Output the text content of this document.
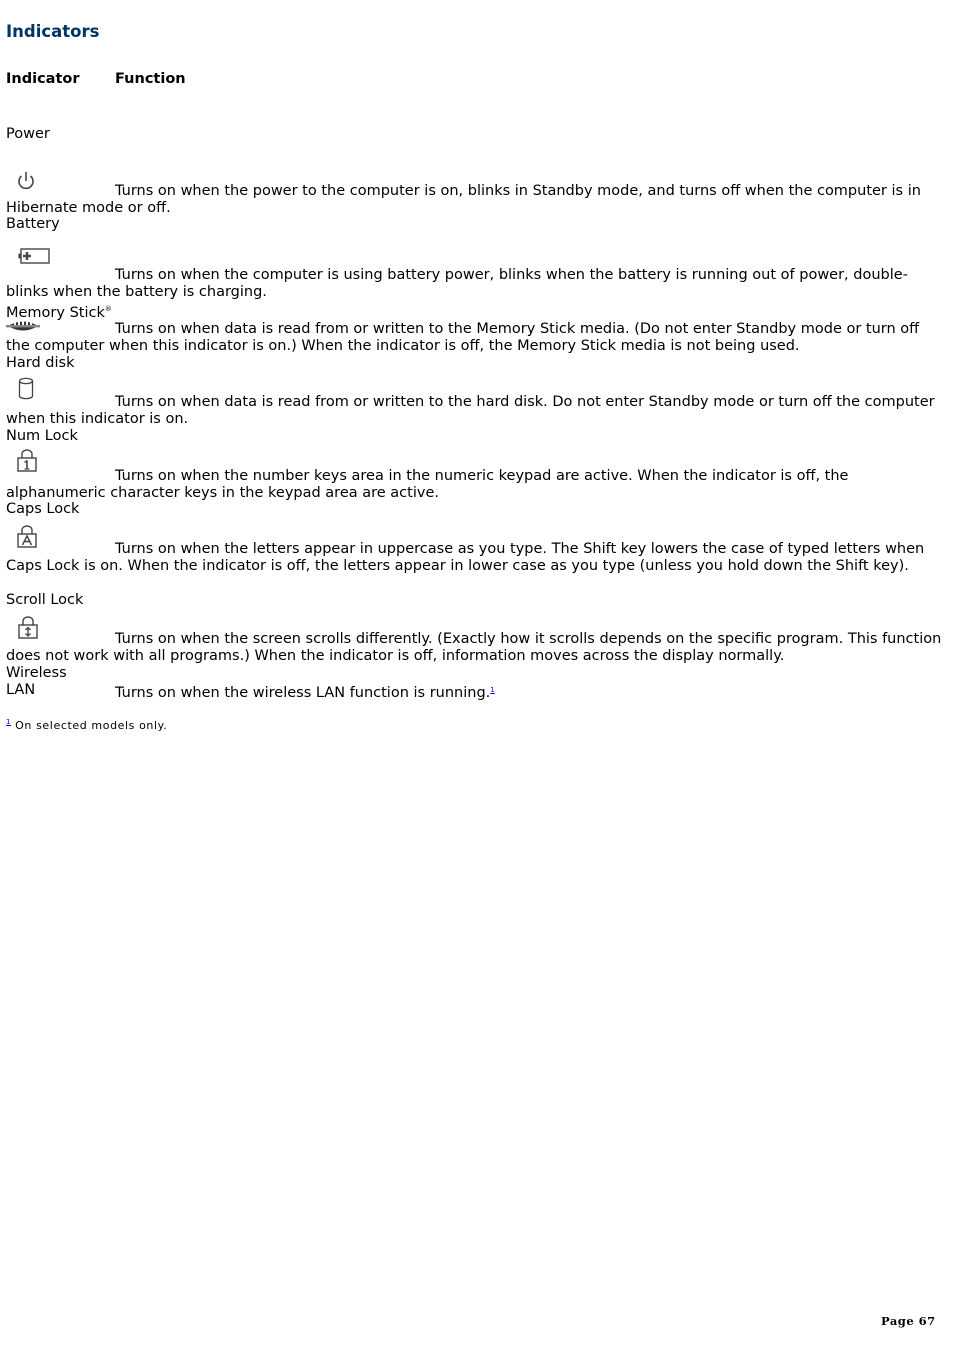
Indicators
Indicator Function
Power
Turns on when the power to the computer is on, blinks in Standby mode, and turns off when the computer is in Hibernate mode or off.
Battery
Turns on when the computer is using battery power, blinks when the battery is running out of power, double-blinks when the battery is charging.
Memory Stick®
Turns on when data is read from or written to the Memory Stick media. (Do not enter Standby mode or turn off the computer when this indicator is on.) When the indicator is off, the Memory Stick media is not being used.
Hard disk
Turns on when data is read from or written to the hard disk. Do not enter Standby mode or turn off the computer when this indicator is on.
Num Lock
Turns on when the number keys area in the numeric keypad are active. When the indicator is off, the alphanumeric character keys in the keypad area are active.
Caps Lock
Turns on when the letters appear in uppercase as you type. The Shift key lowers the case of typed letters when Caps Lock is on. When the indicator is off, the letters appear in lower case as you type (unless you hold down the Shift key).
Scroll Lock
Turns on when the screen scrolls differently. (Exactly how it scrolls depends on the specific program. This function does not work with all programs.) When the indicator is off, information moves across the display normally.
Wireless
LAN	Turns on when the wireless LAN function is running.$^1$
$^1$ On selected models only.
Page 67
